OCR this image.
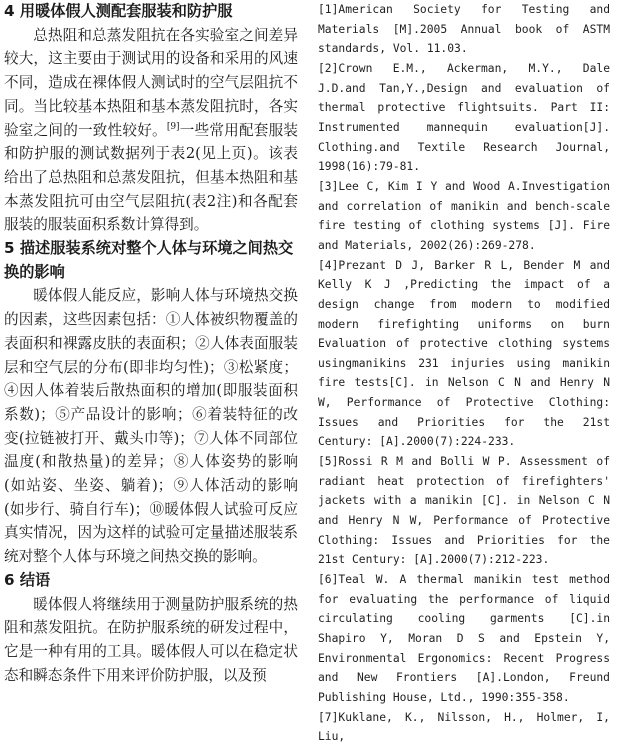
4 用暖体假人测配套服装和防护服

总热阻和总蒸发阻抗在各实验室之间差异较大，这主要由于测试用的设备和采用的风速不同，造成在裸体假人测试时的空气层阻抗不同。当比较基本热阻和基本蒸发阻抗时，各实验室之间的一致性较好。[9]一些常用配套服装和防护服的测试数据列于表2(见上页)。该表给出了总热阻和总蒸发阻抗，但基本热阻和基本蒸发阻抗可由空气层阻抗(表2注)和各配套服装的服装面积系数计算得到。

5 描述服装系统对整个人体与环境之间热交换的影响

暖体假人能反应，影响人体与环境热交换的因素，这些因素包括：①人体被织物覆盖的表面积和裸露皮肤的表面积；②人体表面服装层和空气层的分布(即非均匀性)；③松紧度；④因人体着装后散热面积的增加(即服装面积系数)；⑤产品设计的影响；⑥着装特征的改变(拉链被打开、戴头巾等)；⑦人体不同部位温度(和散热量)的差异；⑧人体姿势的影响(如站姿、坐姿、躺着)；⑨人体活动的影响(如步行、骑自行车)；⑩暖体假人试验可反应真实情况，因为这样的试验可定量描述服装系统对整个人体与环境之间热交换的影响。

6 结语

暖体假人将继续用于测量防护服系统的热阻和蒸发阻抗。在防护服系统的研发过程中，它是一种有用的工具。暖体假人可以在稳定状态和瞬态条件下用来评价防护服，以及预

[1]American Society for Testing and Materials [M].2005 Annual book of ASTM standards, Vol. 11.03.

[2]Crown E.M., Ackerman, M.Y., Dale J.D.and Tan,Y.,Design and evaluation of thermal protective flightsuits. Part II: Instrumented mannequin evaluation[J]. Clothing.and Textile Research Journal, 1998(16):79-81.

[3]Lee C, Kim I Y and Wood A.Investigation and correlation of manikin and bench-scale fire testing of clothing systems [J]. Fire and Materials, 2002(26):269-278.

[4]Prezant D J, Barker R L, Bender M and Kelly K J ,Predicting the impact of a design change from modern to modified modern firefighting uniforms on burn Evaluation of protective clothing systems usingmanikins 231 injuries using manikin fire tests[C]. in Nelson C N and Henry N W, Performance of Protective Clothing: Issues and Priorities for the 21st Century: [A].2000(7):224-233.

[5]Rossi R M and Bolli W P. Assessment of radiant heat protection of firefighters' jackets with a manikin [C]. in Nelson C N and Henry N W, Performance of Protective Clothing: Issues and Priorities for the 21st Century: [A].2000(7):212-223.

[6]Teal W. A thermal manikin test method for evaluating the performance of liquid circulating cooling garments [C].in Shapiro Y, Moran D S and Epstein Y, Environmental Ergonomics: Recent Progress and New Frontiers [A].London, Freund Publishing House, Ltd., 1990:355-358.

[7]Kuklane, K., Nilsson, H., Holmer, I, Liu,
